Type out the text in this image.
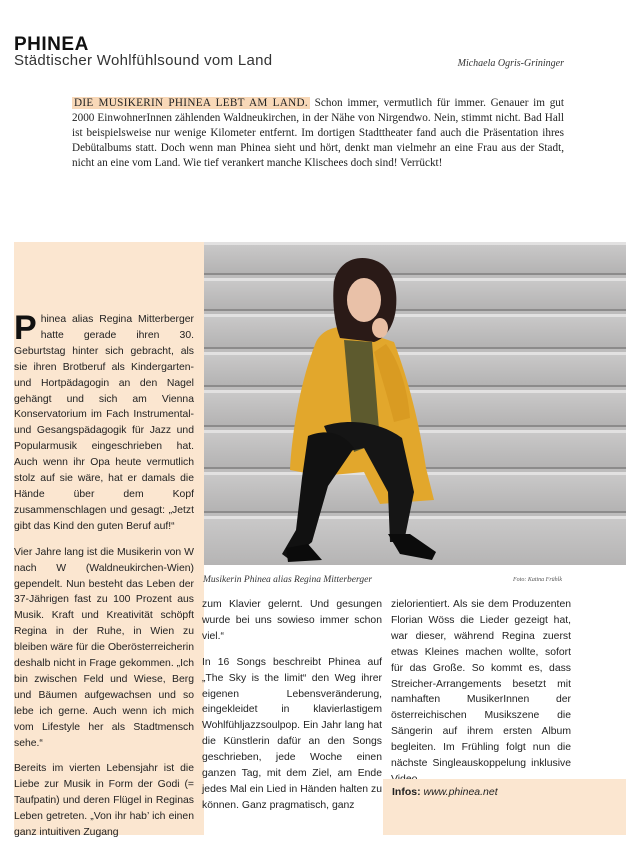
PHINEA
Städtischer Wohlfühlsound vom Land	Michaela Ogris-Grininger
DIE MUSIKERIN PHINEA LEBT AM LAND. Schon immer, vermutlich für immer. Genauer im gut 2000 EinwohnerInnen zählenden Waldneukirchen, in der Nähe von Nirgendwo. Nein, stimmt nicht. Bad Hall ist beispielsweise nur wenige Kilometer entfernt. Im dortigen Stadttheater fand auch die Präsentation ihres Debütalbums statt. Doch wenn man Phinea sieht und hört, denkt man vielmehr an eine Frau aus der Stadt, nicht an eine vom Land. Wie tief verankert manche Klischees doch sind! Verrückt!
Musikerin Phinea alias Regina Mitterberger	Foto: Katina Frühlk

Phinea alias Regina Mitterberger hatte gerade ihren 30. Geburtstag hinter sich gebracht, als sie ihren Brotberuf als Kindergarten- und Hortpädagogin an den Nagel gehängt und sich am Vienna Konservatorium im Fach Instrumental- und Gesangspädagogik für Jazz und Popularmusik eingeschrieben hat. Auch wenn ihr Opa heute vermutlich stolz auf sie wäre, hat er damals die Hände über dem Kopf zusammenschlagen und gesagt: „Jetzt gibt das Kind den guten Beruf auf!“

Vier Jahre lang ist die Musikerin von W nach W (Waldneukirchen-Wien) gependelt. Nun besteht das Leben der 37-Jährigen fast zu 100 Prozent aus Musik. Kraft und Kreativität schöpft Regina in der Ruhe, in Wien zu bleiben wäre für die Oberösterreicherin deshalb nicht in Frage gekommen. „Ich bin zwischen Feld und Wiese, Berg und Bäumen aufgewachsen und so lebe ich gerne. Auch wenn ich mich vom Lifestyle her als Stadtmensch sehe.“

Bereits im vierten Lebensjahr ist die Liebe zur Musik in Form der Godi (= Taufpatin) und deren Flügel in Reginas Leben getreten. „Von ihr hab’ ich einen ganz intuitiven Zugang

zum Klavier gelernt. Und gesungen wurde bei uns sowieso immer schon viel.“

In 16 Songs beschreibt Phinea auf „The Sky is the limit“ den Weg ihrer eigenen Lebensveränderung, eingekleidet in klavierlastigem Wohlfühljazzsoulpop. Ein Jahr lang hat die Künstlerin dafür an den Songs geschrieben, jede Woche einen ganzen Tag, mit dem Ziel, am Ende jedes Mal ein Lied in Händen halten zu können. Ganz pragmatisch, ganz

zielorientiert. Als sie dem Produzenten Florian Wöss die Lieder gezeigt hat, war dieser, während Regina zuerst etwas Kleines machen wollte, sofort für das Große. So kommt es, dass Streicher-Arrangements besetzt mit namhaften MusikerInnen der österreichischen Musikszene die Sängerin auf ihrem ersten Album begleiten. Im Frühling folgt nun die nächste Singleauskoppelung inklusive

Infos: www.phinea.net
